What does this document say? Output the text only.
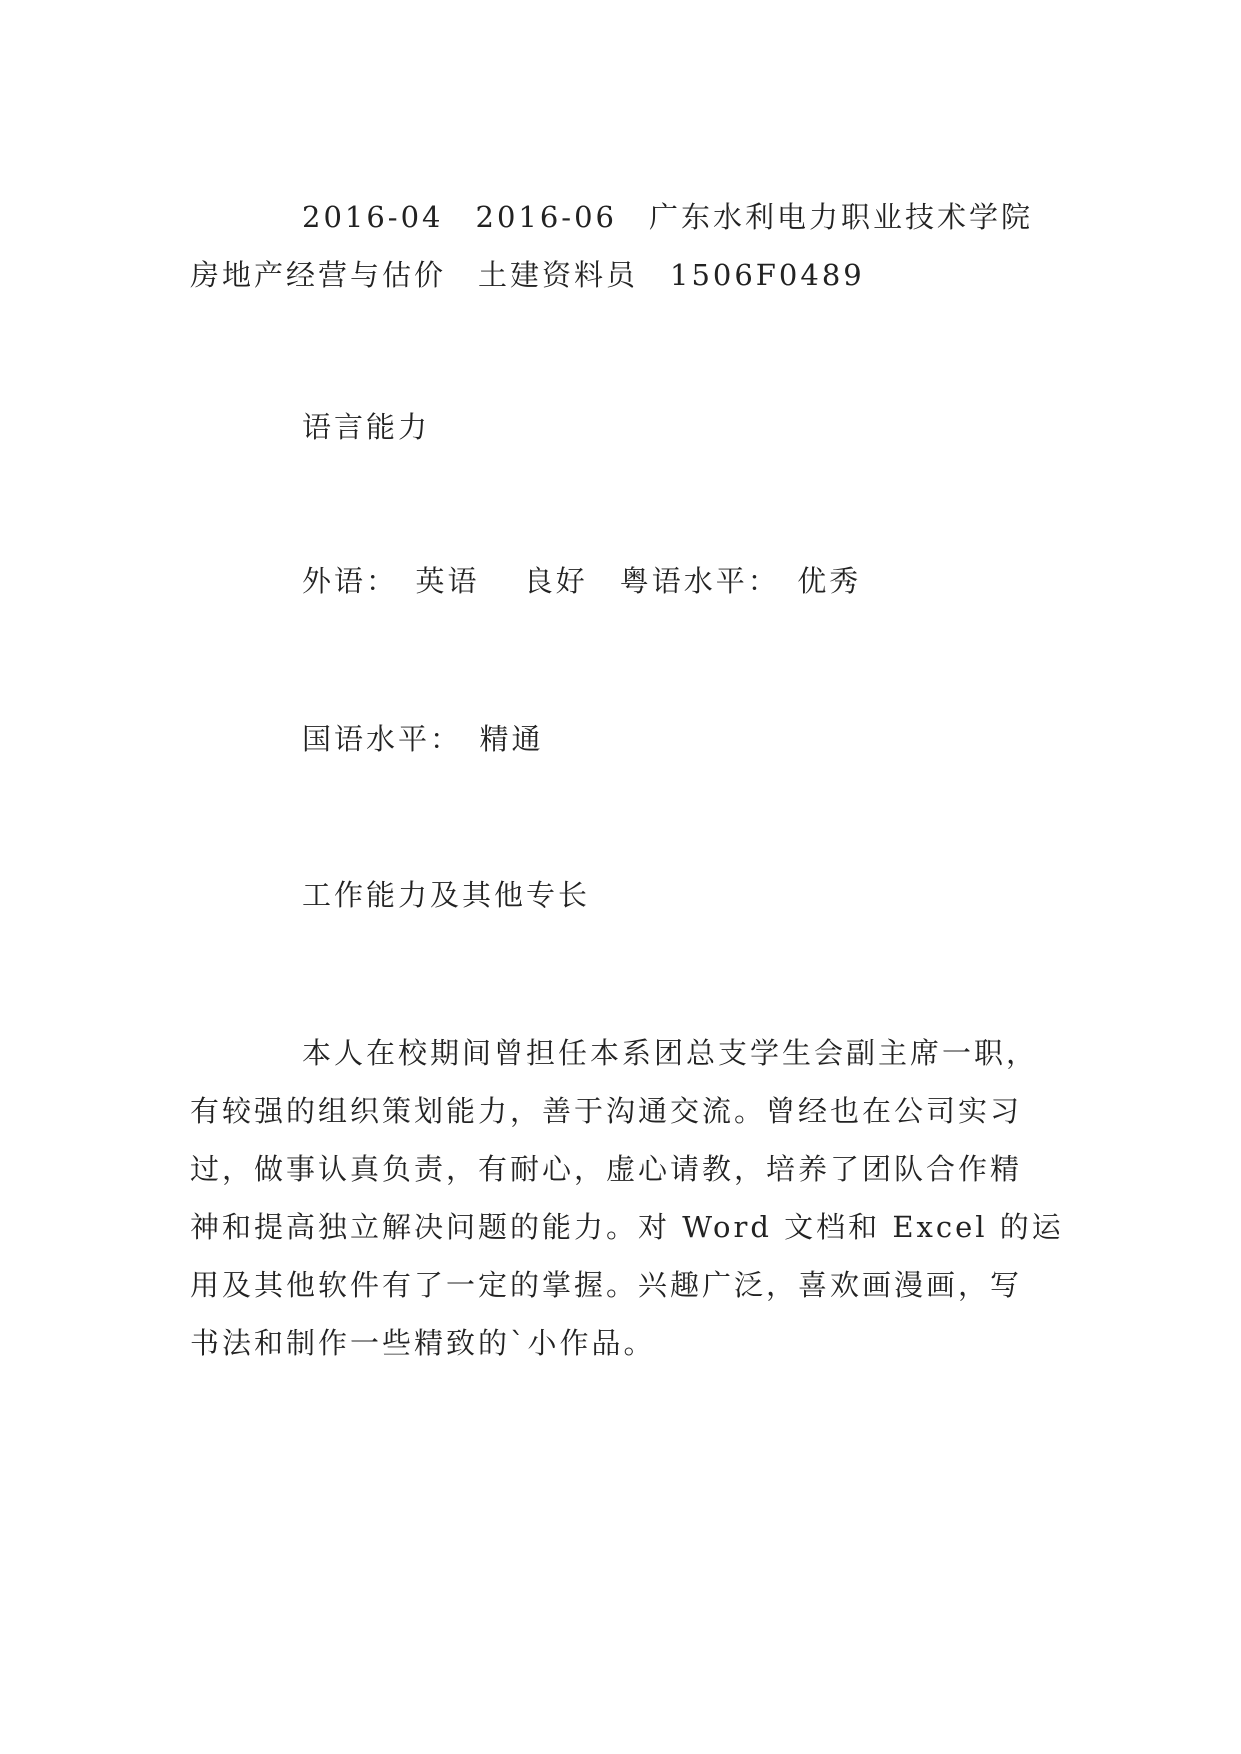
2016-04　2016-06　广东水利电力职业技术学院
房地产经营与估价　土建资料员　1506F0489
语言能力
外语：　英语　 良好　粤语水平：　优秀
国语水平：　精通
工作能力及其他专长
本人在校期间曾担任本系团总支学生会副主席一职，
有较强的组织策划能力，善于沟通交流。曾经也在公司实习
过，做事认真负责，有耐心，虚心请教，培养了团队合作精
神和提高独立解决问题的能力。对 Word 文档和 Excel 的运
用及其他软件有了一定的掌握。兴趣广泛，喜欢画漫画，写
书法和制作一些精致的`小作品。
